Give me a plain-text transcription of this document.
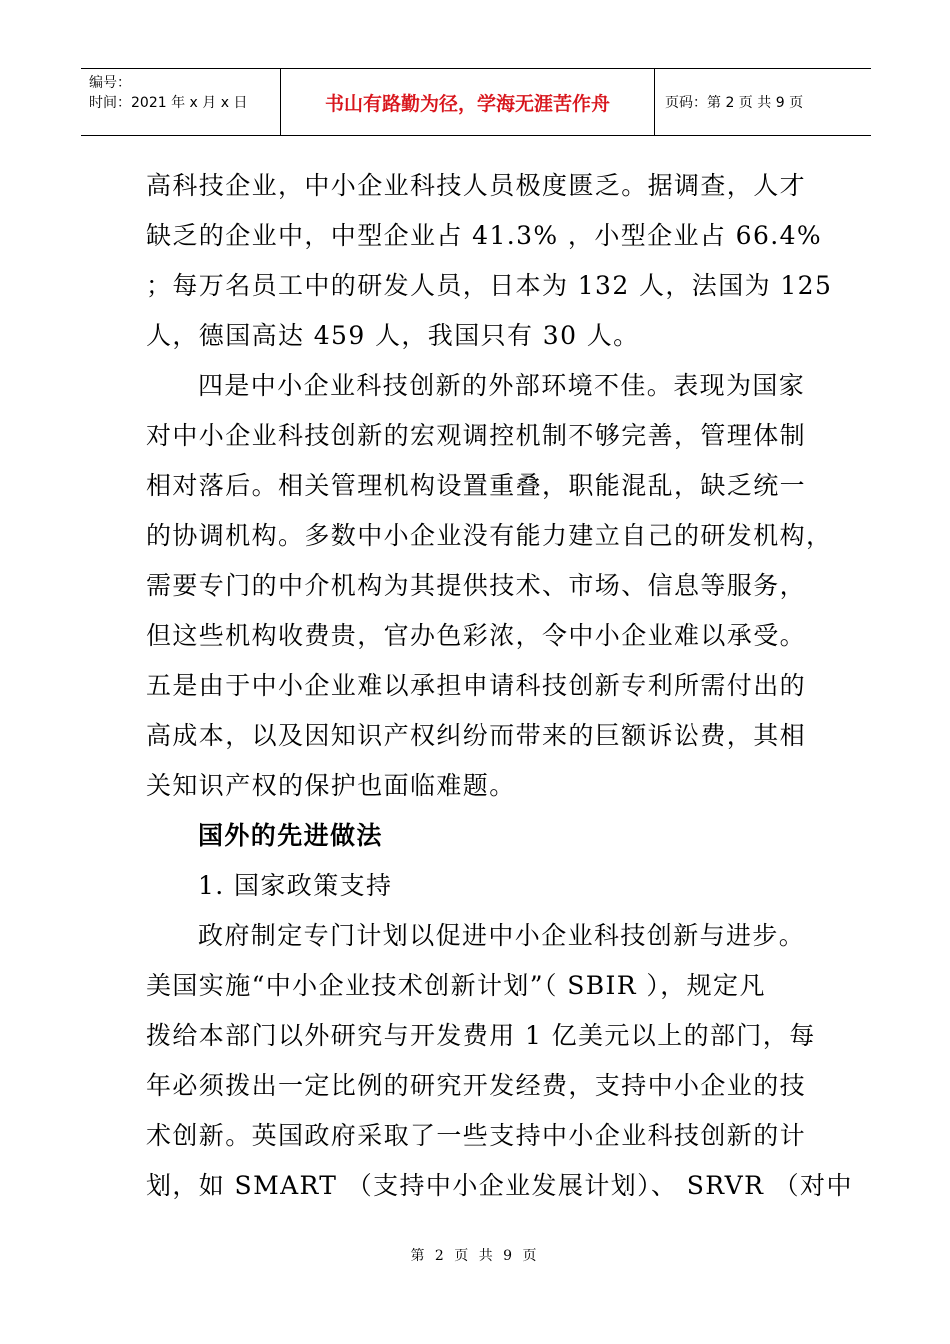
编号：
时间：2021 年 x 月 x 日	书山有路勤为径，学海无涯苦作舟	页码：第 2 页 共 9 页
高科技企业，中小企业科技人员极度匮乏。据调查，人才
缺乏的企业中，中型企业占 41.3% ，小型企业占 66.4%
；每万名员工中的研发人员，日本为 132 人，法国为 125
人，德国高达 459 人，我国只有 30 人。
四是中小企业科技创新的外部环境不佳。表现为国家
对中小企业科技创新的宏观调控机制不够完善，管理体制
相对落后。相关管理机构设置重叠，职能混乱，缺乏统一
的协调机构。多数中小企业没有能力建立自己的研发机构，
需要专门的中介机构为其提供技术、市场、信息等服务，
但这些机构收费贵，官办色彩浓，令中小企业难以承受。
五是由于中小企业难以承担申请科技创新专利所需付出的
高成本，以及因知识产权纠纷而带来的巨额诉讼费，其相
关知识产权的保护也面临难题。
国外的先进做法
1. 国家政策支持
政府制定专门计划以促进中小企业科技创新与进步。
美国实施“中小企业技术创新计划”（ SBIR ），规定凡
拨给本部门以外研究与开发费用 1 亿美元以上的部门，每
年必须拨出一定比例的研究开发经费，支持中小企业的技
术创新。英国政府采取了一些支持中小企业科技创新的计
划，如 SMART （支持中小企业发展计划）、 SRVR （对中
第 2 页 共 9 页
